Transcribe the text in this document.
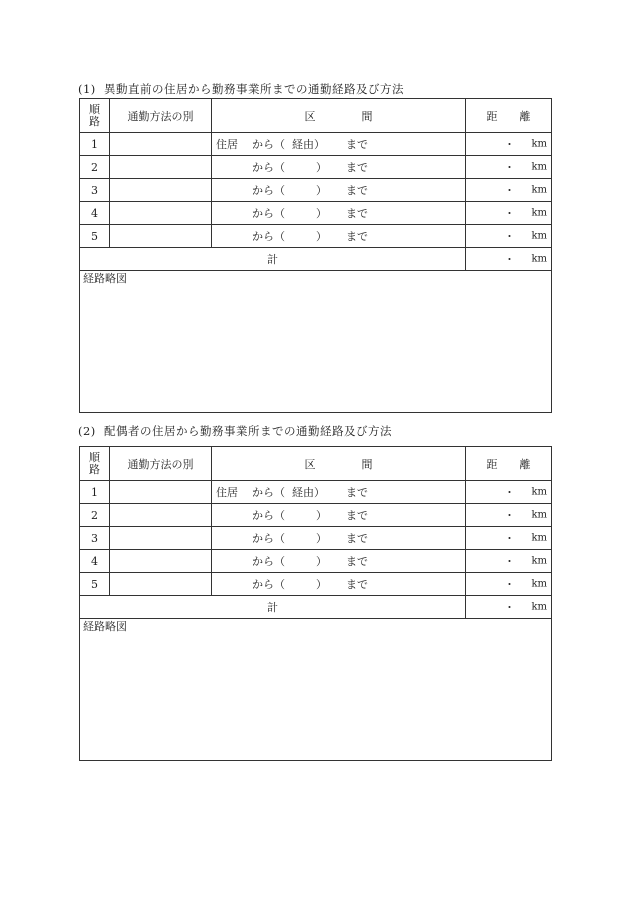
(1) 異動直前の住居から勤務事業所までの通勤経路及び方法
順
路	通勤方法の別	区 間	距 離

1		住居 から（ 経由） まで	・ km

2		から（ ） まで	・ km

3		から（ ） まで	・ km

4		から（ ） まで	・ km

5		から（ ） まで	・ km

計			・ km
経路略図
(2) 配偶者の住居から勤務事業所までの通勤経路及び方法
順
路	通勤方法の別	区 間	距 離

1		住居 から（ 経由） まで	・ km

2		から（ ） まで	・ km

3		から（ ） まで	・ km

4		から（ ） まで	・ km

5		から（ ） まで	・ km

計			・ km
経路略図
